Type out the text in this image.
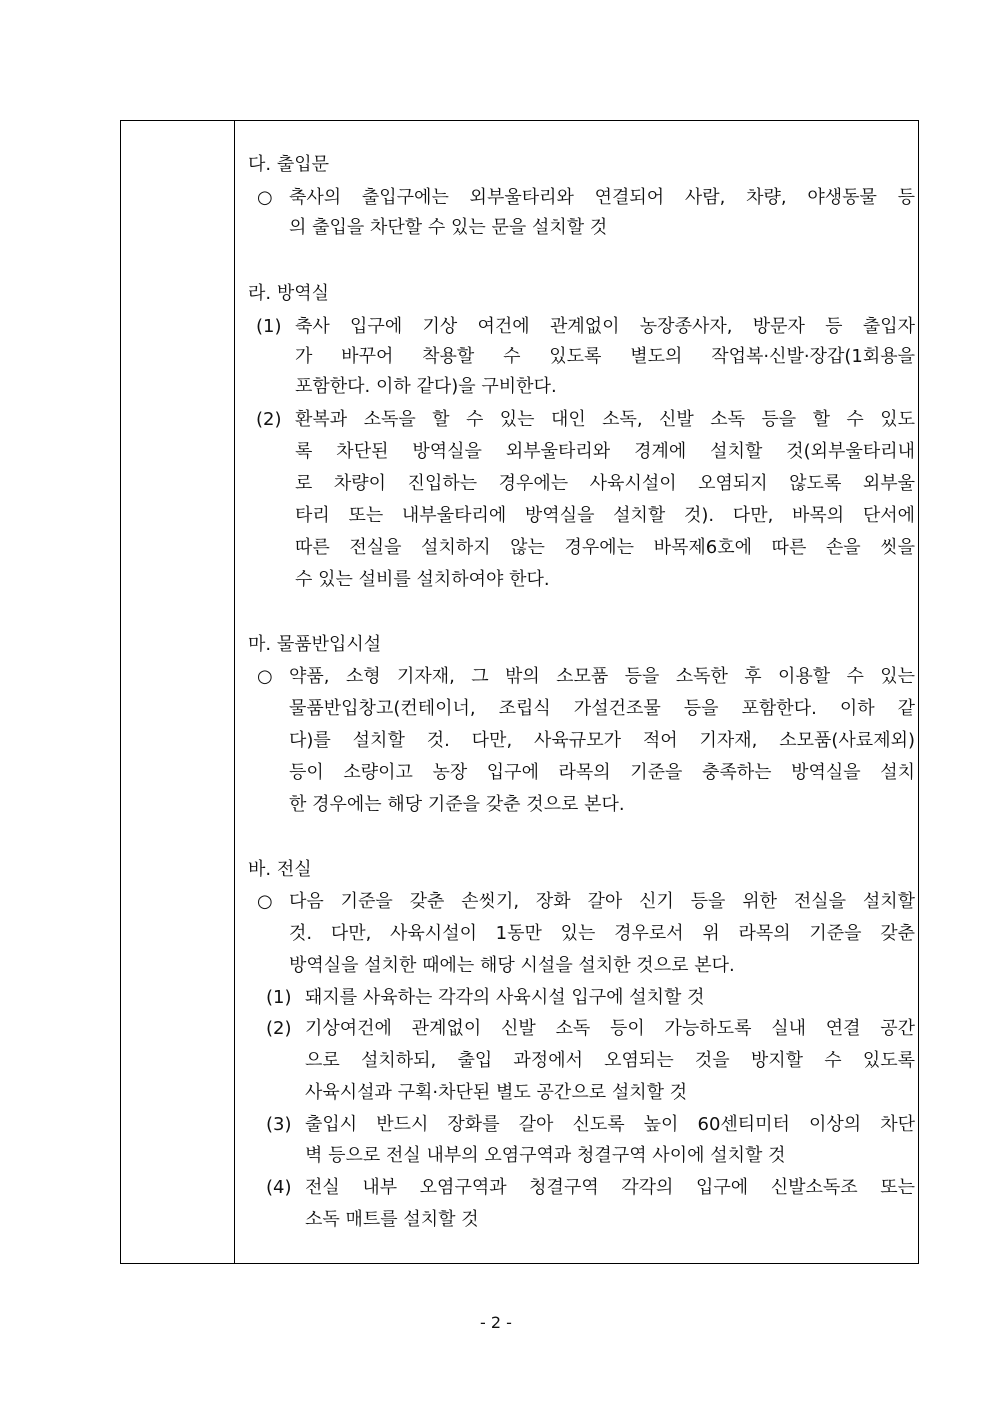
다. 출입문
○ 축사의 출입구에는 외부울타리와 연결되어 사람, 차량, 야생동물 등
의 출입을 차단할 수 있는 문을 설치할 것
라. 방역실
(1) 축사 입구에 기상 여건에 관계없이 농장종사자, 방문자 등 출입자
가 바꾸어 착용할 수 있도록 별도의 작업복·신발·장갑(1회용을
포함한다. 이하 같다)을 구비한다.
(2) 환복과 소독을 할 수 있는 대인 소독, 신발 소독 등을 할 수 있도
록 차단된 방역실을 외부울타리와 경계에 설치할 것(외부울타리내
로 차량이 진입하는 경우에는 사육시설이 오염되지 않도록 외부울
타리 또는 내부울타리에 방역실을 설치할 것). 다만, 바목의 단서에
따른 전실을 설치하지 않는 경우에는 바목제6호에 따른 손을 씻을
수 있는 설비를 설치하여야 한다.
마. 물품반입시설
○ 약품, 소형 기자재, 그 밖의 소모품 등을 소독한 후 이용할 수 있는
물품반입창고(컨테이너, 조립식 가설건조물 등을 포함한다. 이하 같
다)를 설치할 것. 다만, 사육규모가 적어 기자재, 소모품(사료제외)
등이 소량이고 농장 입구에 라목의 기준을 충족하는 방역실을 설치
한 경우에는 해당 기준을 갖춘 것으로 본다.
바. 전실
○ 다음 기준을 갖춘 손씻기, 장화 갈아 신기 등을 위한 전실을 설치할
것. 다만, 사육시설이 1동만 있는 경우로서 위 라목의 기준을 갖춘
방역실을 설치한 때에는 해당 시설을 설치한 것으로 본다.
(1) 돼지를 사육하는 각각의 사육시설 입구에 설치할 것
(2) 기상여건에 관계없이 신발 소독 등이 가능하도록 실내 연결 공간
으로 설치하되, 출입 과정에서 오염되는 것을 방지할 수 있도록
사육시설과 구획·차단된 별도 공간으로 설치할 것
(3) 출입시 반드시 장화를 갈아 신도록 높이 60센티미터 이상의 차단
벽 등으로 전실 내부의 오염구역과 청결구역 사이에 설치할 것
(4) 전실 내부 오염구역과 청결구역 각각의 입구에 신발소독조 또는
소독 매트를 설치할 것
- 2 -
